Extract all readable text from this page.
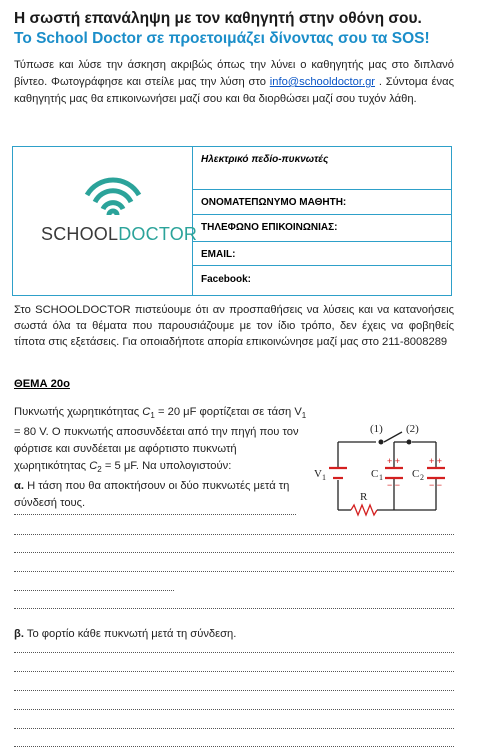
Η σωστή επανάληψη με τον καθηγητή στην οθόνη σου.
Το School Doctor σε προετοιμάζει δίνοντας σου τα SOS!
Τύπωσε και λύσε την άσκηση ακριβώς όπως την λύνει ο καθηγητής μας στο διπλανό βίντεο. Φωτογράφησε και στείλε μας την λύση στο info@schooldoctor.gr . Σύντομα ένας καθηγητής μας θα επικοινωνήσει μαζί σου και θα διορθώσει μαζί σου τυχόν λάθη.
SCHOOLDOCTOR
Ηλεκτρικό πεδίο-πυκνωτές
ΟΝΟΜΑΤΕΠΩΝΥΜΟ ΜΑΘΗΤΗ:
ΤΗΛΕΦΩΝΟ ΕΠΙΚΟΙΝΩΝΙΑΣ:
EMAIL:
Facebook:
Στο SCHOOLDOCTOR πιστεύουμε ότι αν προσπαθήσεις να λύσεις και να κατανοήσεις σωστά όλα τα θέματα που παρουσιάζουμε με τον ίδιο τρόπο, δεν έχεις να φοβηθείς τίποτα στις εξετάσεις. Για οποιαδήποτε απορία επικοινώνησε μαζί μας στο 211-8008289
ΘΕΜΑ 20ο
Πυκνωτής χωρητικότητας $C_1 = 20$ μF φορτίζεται σε τάση $V_1 = 80$ V. Ο πυκνωτής αποσυνδέεται από την πηγή που τον φόρτισε και συνδέεται με αφόρτιστο πυκνωτή χωρητικότητας $C_2 = 5$ μF. Να υπολογιστούν:
α. Η τάση που θα αποκτήσουν οι δύο πυκνωτές μετά τη σύνδεσή τους.
+ +	+ +
− −	− −
(1) (2)
V 1	C 1	C 2
R
β. Το φορτίο κάθε πυκνωτή μετά τη σύνδεση.
